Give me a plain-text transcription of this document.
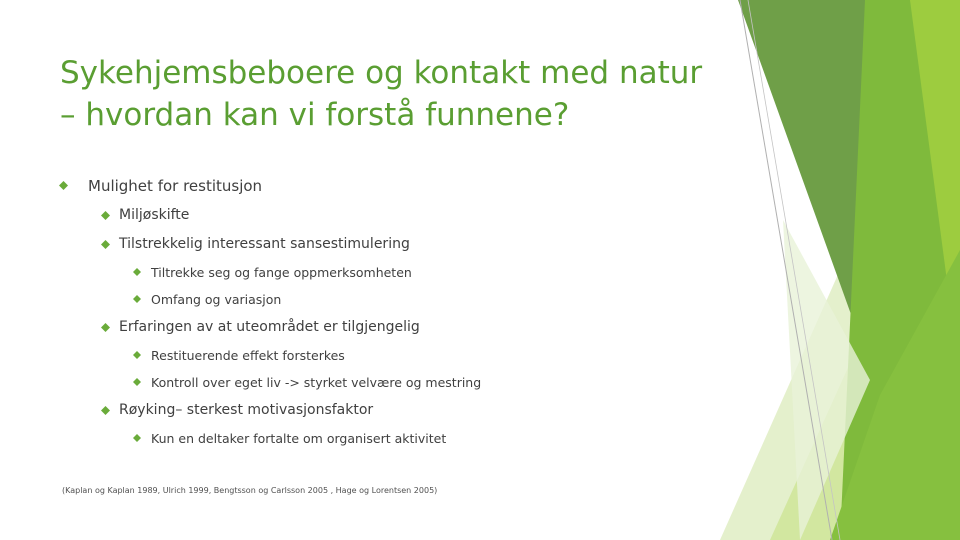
Sykehjemsbeboere og kontakt med natur
– hvordan kan vi forstå funnene?
Mulighet for restitusjon
Miljøskifte
Tilstrekkelig interessant sansestimulering
Tiltrekke seg og fange oppmerksomheten
Omfang og variasjon
Erfaringen av at uteområdet er tilgjengelig
Restituerende effekt forsterkes
Kontroll over eget liv -> styrket velvære og mestring
Røyking– sterkest motivasjonsfaktor
Kun en deltaker fortalte om organisert aktivitet
(Kaplan og Kaplan 1989, Ulrich 1999, Bengtsson og Carlsson 2005 , Hage og Lorentsen 2005)
